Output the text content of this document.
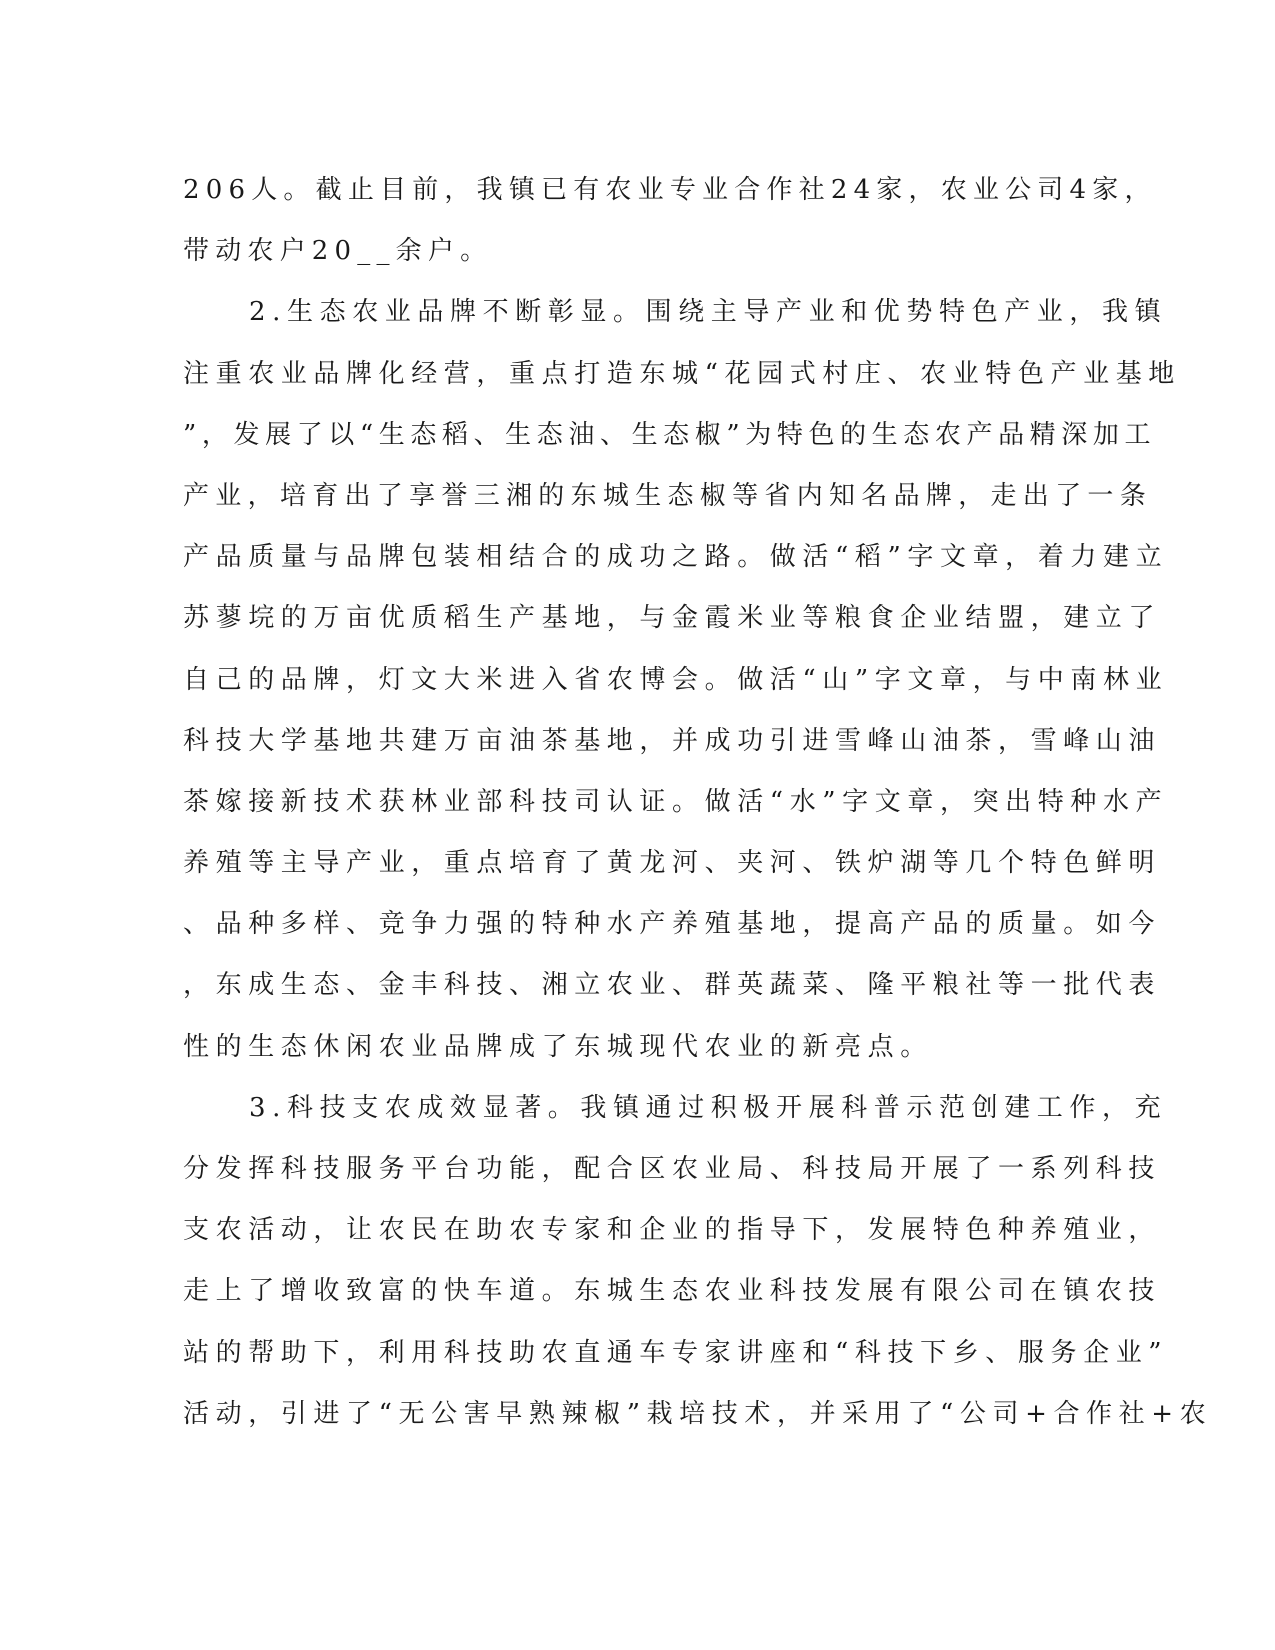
206人。截止目前，我镇已有农业专业合作社24家，农业公司4家，
带动农户20__余户。
2.生态农业品牌不断彰显。围绕主导产业和优势特色产业，我镇
注重农业品牌化经营，重点打造东城“花园式村庄、农业特色产业基地
”，发展了以“生态稻、生态油、生态椒”为特色的生态农产品精深加工
产业，培育出了享誉三湘的东城生态椒等省内知名品牌，走出了一条
产品质量与品牌包装相结合的成功之路。做活“稻”字文章，着力建立
苏蓼垸的万亩优质稻生产基地，与金霞米业等粮食企业结盟，建立了
自己的品牌，灯文大米进入省农博会。做活“山”字文章，与中南林业
科技大学基地共建万亩油茶基地，并成功引进雪峰山油茶，雪峰山油
茶嫁接新技术获林业部科技司认证。做活“水”字文章，突出特种水产
养殖等主导产业，重点培育了黄龙河、夹河、铁炉湖等几个特色鲜明
、品种多样、竞争力强的特种水产养殖基地，提高产品的质量。如今
，东成生态、金丰科技、湘立农业、群英蔬菜、隆平粮社等一批代表
性的生态休闲农业品牌成了东城现代农业的新亮点。
3.科技支农成效显著。我镇通过积极开展科普示范创建工作，充
分发挥科技服务平台功能，配合区农业局、科技局开展了一系列科技
支农活动，让农民在助农专家和企业的指导下，发展特色种养殖业，
走上了增收致富的快车道。东城生态农业科技发展有限公司在镇农技
站的帮助下，利用科技助农直通车专家讲座和“科技下乡、服务企业”
活动，引进了“无公害早熟辣椒”栽培技术，并采用了“公司+合作社+农
